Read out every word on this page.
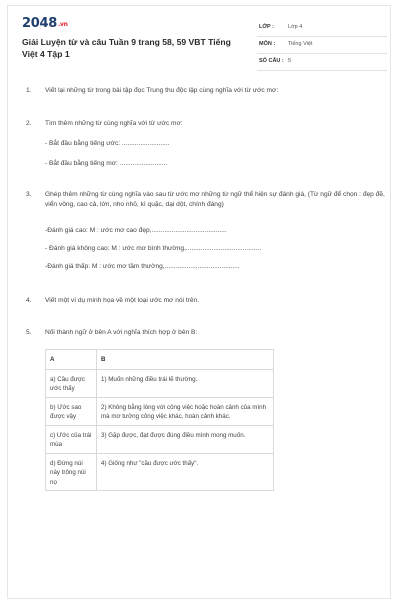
2048.vn
Giải Luyện từ và câu Tuần 9 trang 58, 59 VBT Tiếng Việt 4 Tập 1
LỚP :	Lớp 4
MÔN : Tiếng Việt
SỐ CÂU : 5
1. Viết lại những từ trong bài tập đọc Trung thu độc lập cùng nghĩa với từ ước mơ:
2. Tìm thêm những từ cùng nghĩa với từ ước mơ:
- Bắt đầu bằng tiếng ước: ..........................
- Bắt đầu bằng tiếng mơ: ..........................
3. Ghép thêm những từ cùng nghĩa vào sau từ ước mơ những từ ngữ thể hiện sự đánh giá, (Từ ngữ để chọn : đẹp đẽ, viển vông, cao cả, lớn, nho nhỏ, kì quặc, dại dột, chính đáng)
-Đánh giá cao: M : ước mơ cao đẹp,.........................................
- Đánh giá không cao: M : ước mơ bình thường,.........................................
-Đánh giá thấp: M : ước mơ tầm thường,.........................................
4. Viết một ví dụ minh họa về một loại ước mơ nói trên.
5. Nối thành ngữ ở bên A với nghĩa thích hợp ở bên B:
A	B
a) Cầu được ước thấy	1) Muốn những điều trái lẽ thường.
b) Ước sao được vậy	2) Không bằng lòng với công việc hoặc hoàn cảnh của mình mà mơ tưởng công việc khác, hoàn cảnh khác.
c) Ước của trái mùa	3) Gặp được, đạt được đúng điều mình mong muốn.
d) Đứng núi này trông núi nọ	4) Giống như "cầu được ước thấy".
